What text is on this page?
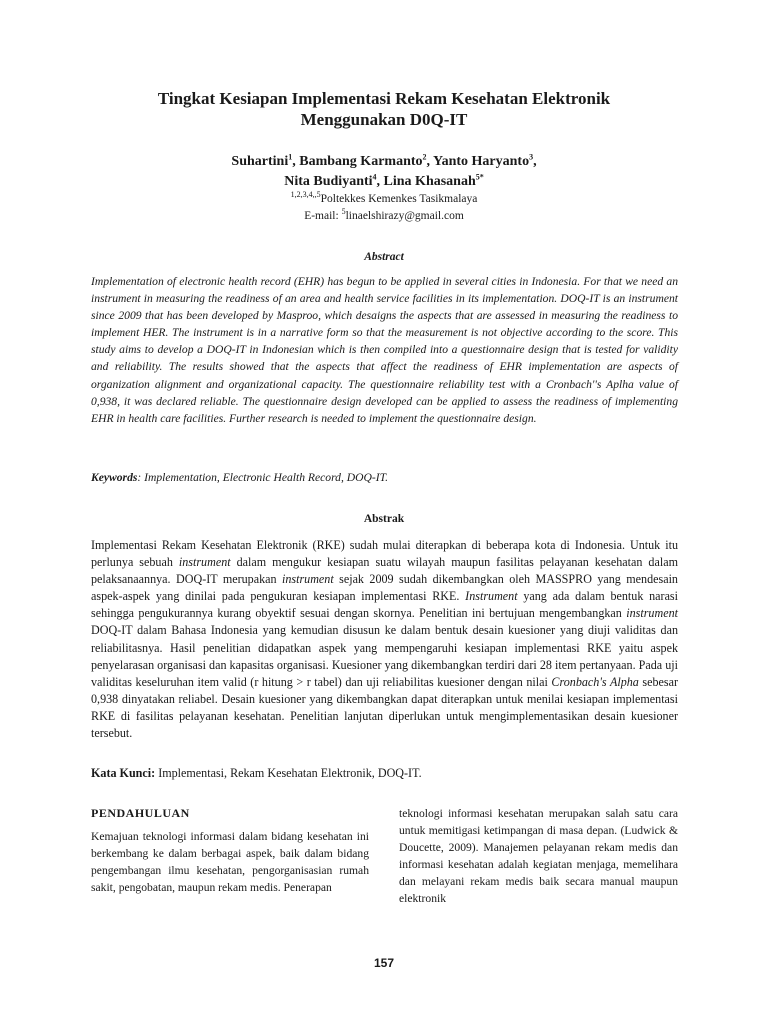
Tingkat Kesiapan Implementasi Rekam Kesehatan Elektronik
Menggunakan D0Q-IT
Suhartini$^1$, Bambang Karmanto$^2$, Yanto Haryanto$^3$,
Nita Budiyanti$^4$, Lina Khasanah$^{5*}$
$^{1,2,3,4,,5}$Poltekkes Kemenkes Tasikmalaya
E-mail: $^5$linaelshirazy@gmail.com
Abstract
Implementation of electronic health record (EHR) has begun to be applied in several cities in Indonesia. For that we need an instrument in measuring the readiness of an area and health service facilities in its implementation. DOQ-IT is an instrument since 2009 that has been developed by Masproo, which desaigns the aspects that are assessed in measuring the readiness to implement HER. The instrument is in a narrative form so that the measurement is not objective according to the score. This study aims to develop a DOQ-IT in Indonesian which is then compiled into a questionnaire design that is tested for validity and reliability. The results showed that the aspects that affect the readiness of EHR implementation are aspects of organization alignment and organizational capacity. The questionnaire reliability test with a Cronbach''s Aplha value of 0,938, it was declared reliable. The questionnaire design developed can be applied to assess the readiness of implementing EHR in health care facilities. Further research is needed to implement the questionnaire design.
Keywords: Implementation, Electronic Health Record, DOQ-IT.
Abstrak
Implementasi Rekam Kesehatan Elektronik (RKE) sudah mulai diterapkan di beberapa kota di Indonesia. Untuk itu perlunya sebuah instrument dalam mengukur kesiapan suatu wilayah maupun fasilitas pelayanan kesehatan dalam pelaksanaannya. DOQ-IT merupakan instrument sejak 2009 sudah dikembangkan oleh MASSPRO yang mendesain aspek-aspek yang dinilai pada pengukuran kesiapan implementasi RKE. Instrument yang ada dalam bentuk narasi sehingga pengukurannya kurang obyektif sesuai dengan skornya. Penelitian ini bertujuan mengembangkan instrument DOQ-IT dalam Bahasa Indonesia yang kemudian disusun ke dalam bentuk desain kuesioner yang diuji validitas dan reliabilitasnya. Hasil penelitian didapatkan aspek yang mempengaruhi kesiapan implementasi RKE yaitu aspek penyelarasan organisasi dan kapasitas organisasi. Kuesioner yang dikembangkan terdiri dari 28 item pertanyaan. Pada uji validitas keseluruhan item valid (r hitung > r tabel) dan uji reliabilitas kuesioner dengan nilai Cronbach's Alpha sebesar 0,938 dinyatakan reliabel. Desain kuesioner yang dikembangkan dapat diterapkan untuk menilai kesiapan implementasi RKE di fasilitas pelayanan kesehatan. Penelitian lanjutan diperlukan untuk mengimplementasikan desain kuesioner tersebut.
Kata Kunci: Implementasi, Rekam Kesehatan Elektronik, DOQ-IT.
PENDAHULUAN
Kemajuan teknologi informasi dalam bidang kesehatan ini berkembang ke dalam berbagai aspek, baik dalam bidang pengembangan ilmu kesehatan, pengorganisasian rumah sakit, pengobatan, maupun rekam medis. Penerapan
teknologi informasi kesehatan merupakan salah satu cara untuk memitigasi ketimpangan di masa depan. (Ludwick & Doucette, 2009). Manajemen pelayanan rekam medis dan informasi kesehatan adalah kegiatan menjaga, memelihara dan melayani rekam medis baik secara manual maupun elektronik
157
